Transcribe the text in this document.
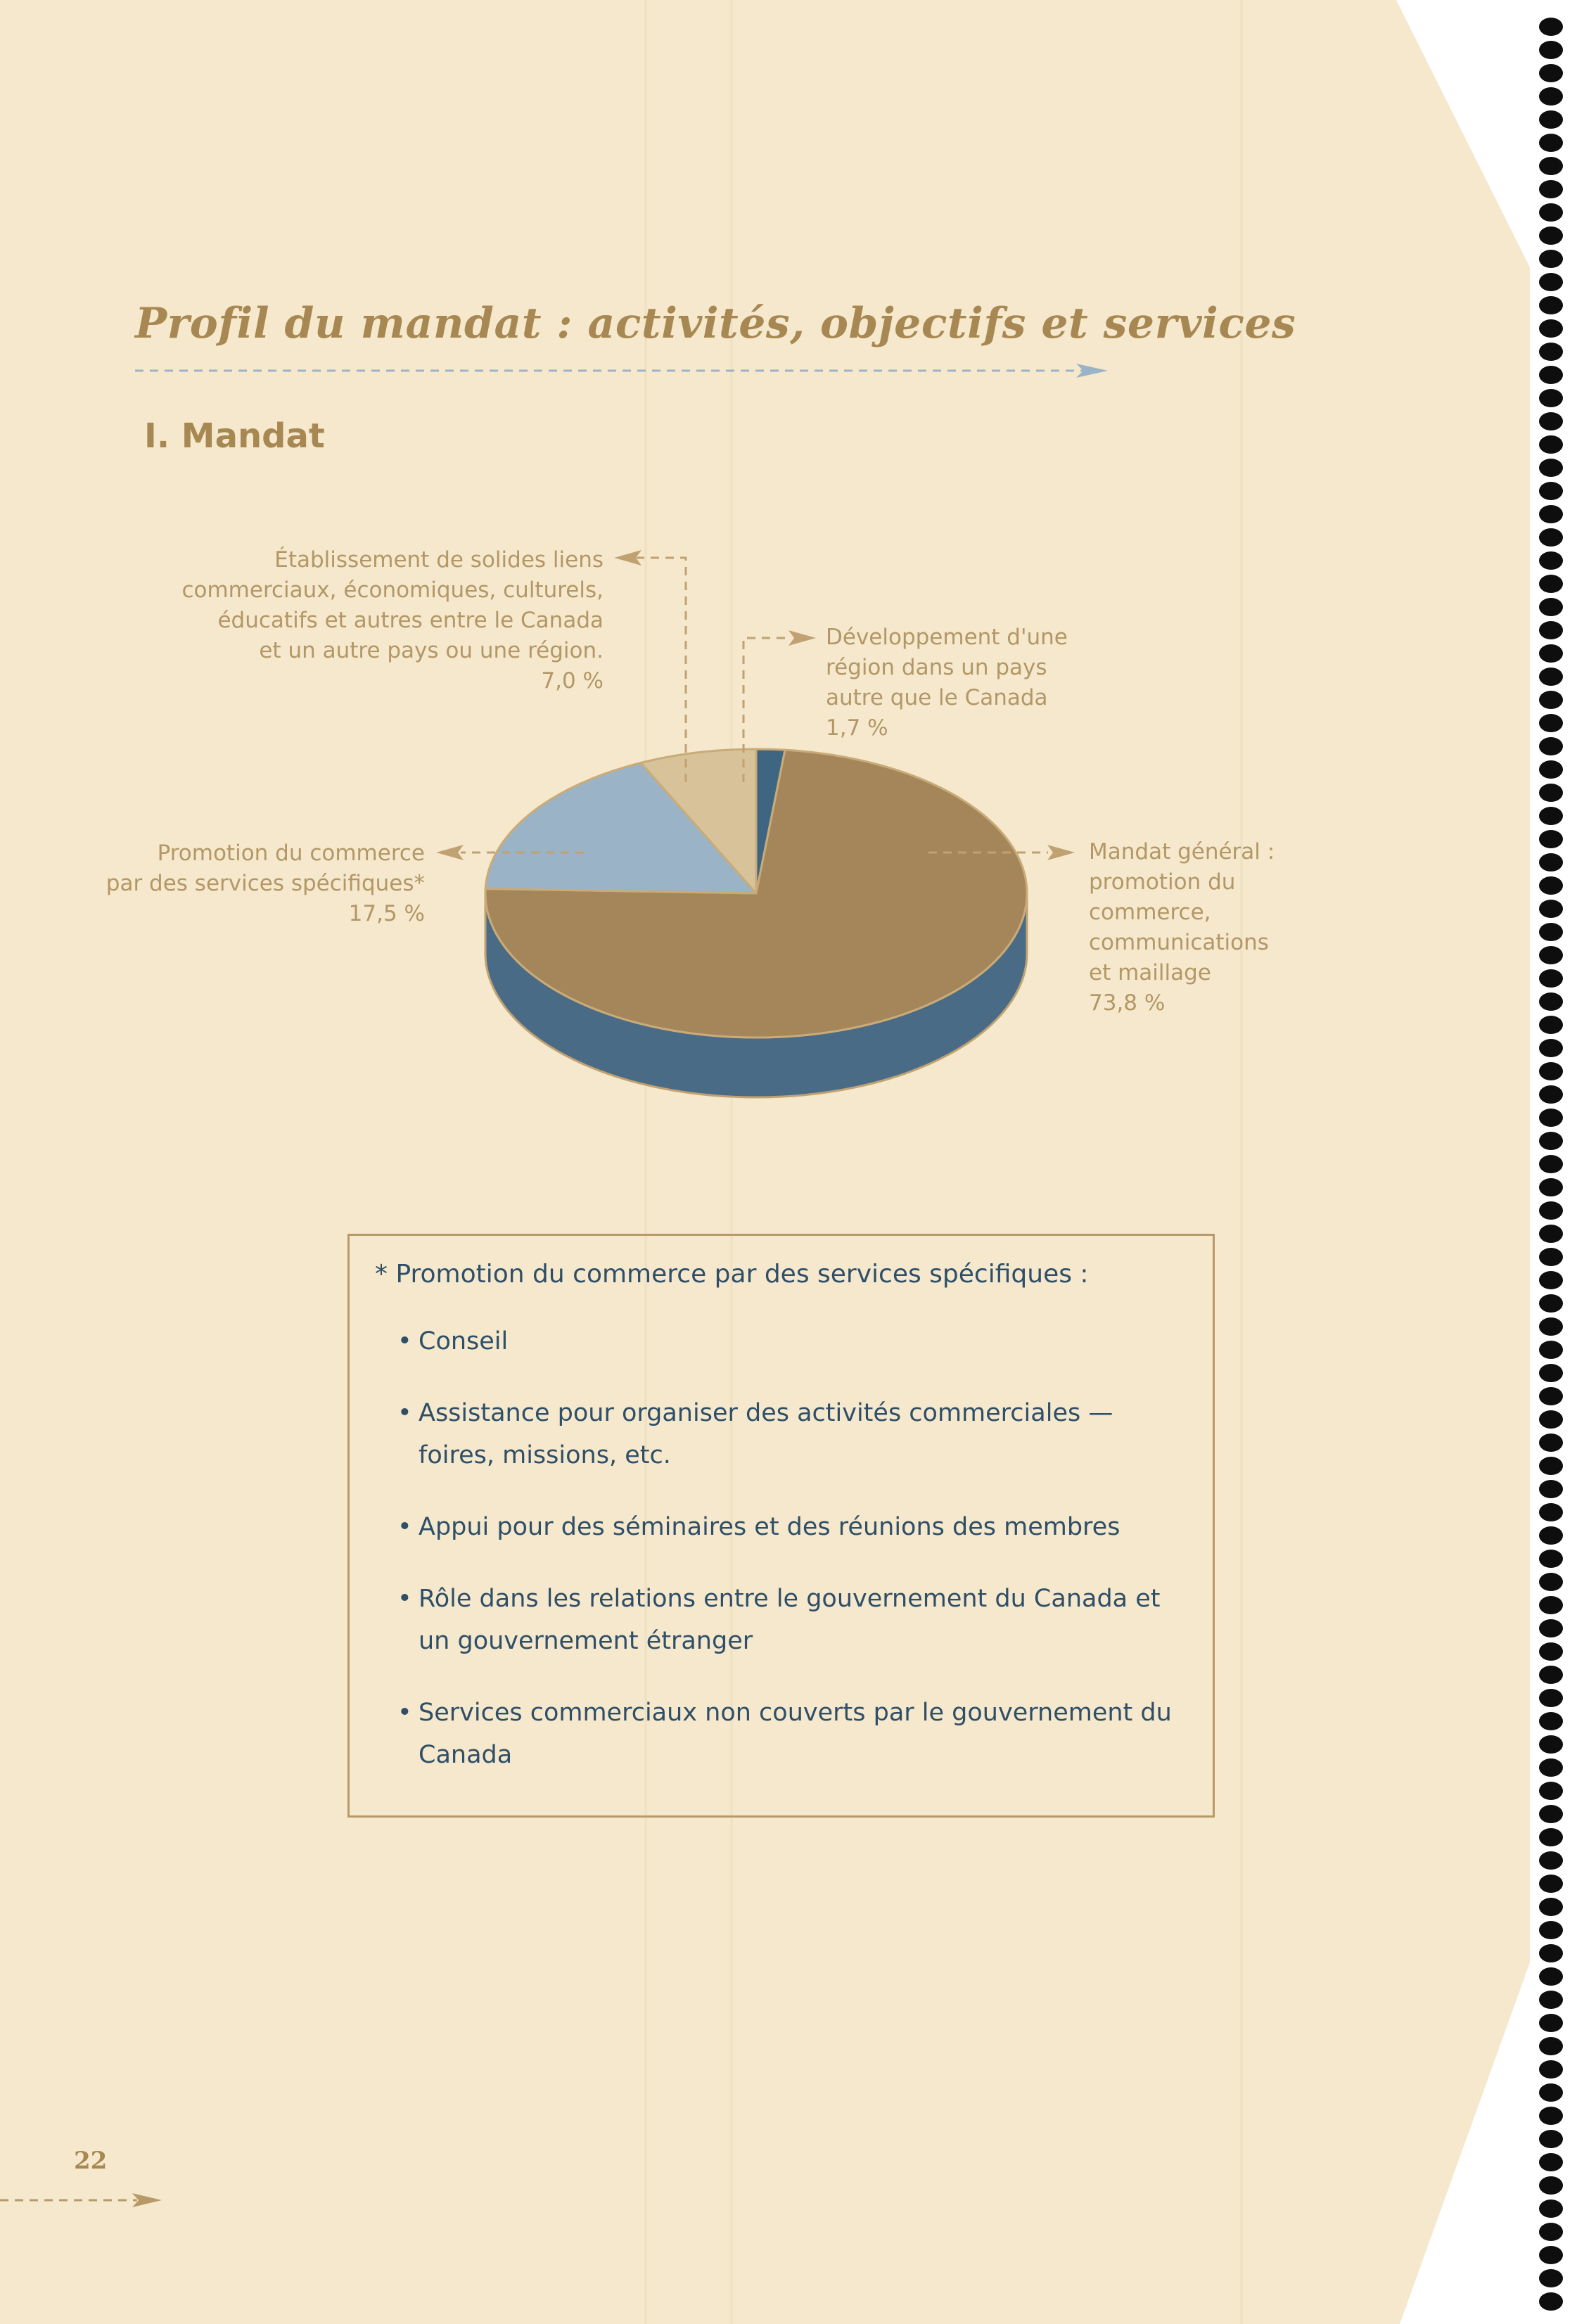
Profil du mandat : activités, objectifs et services
I. Mandat
Établissement de solides liens
commerciaux, économiques, culturels,
éducatifs et autres entre le Canada
et un autre pays ou une région.
7,0 %
Développement d'une
région dans un pays
autre que le Canada
1,7 %
Promotion du commerce
par des services spécifiques*
17,5 %
Mandat général :
promotion du
commerce,
communications
et maillage
73,8 %
* Promotion du commerce par des services spécifiques :
• Conseil
• Assistance pour organiser des activités commerciales — foires, missions, etc.
• Appui pour des séminaires et des réunions des membres
• Rôle dans les relations entre le gouvernement du Canada et un gouvernement étranger
• Services commerciaux non couverts par le gouvernement du Canada
22
